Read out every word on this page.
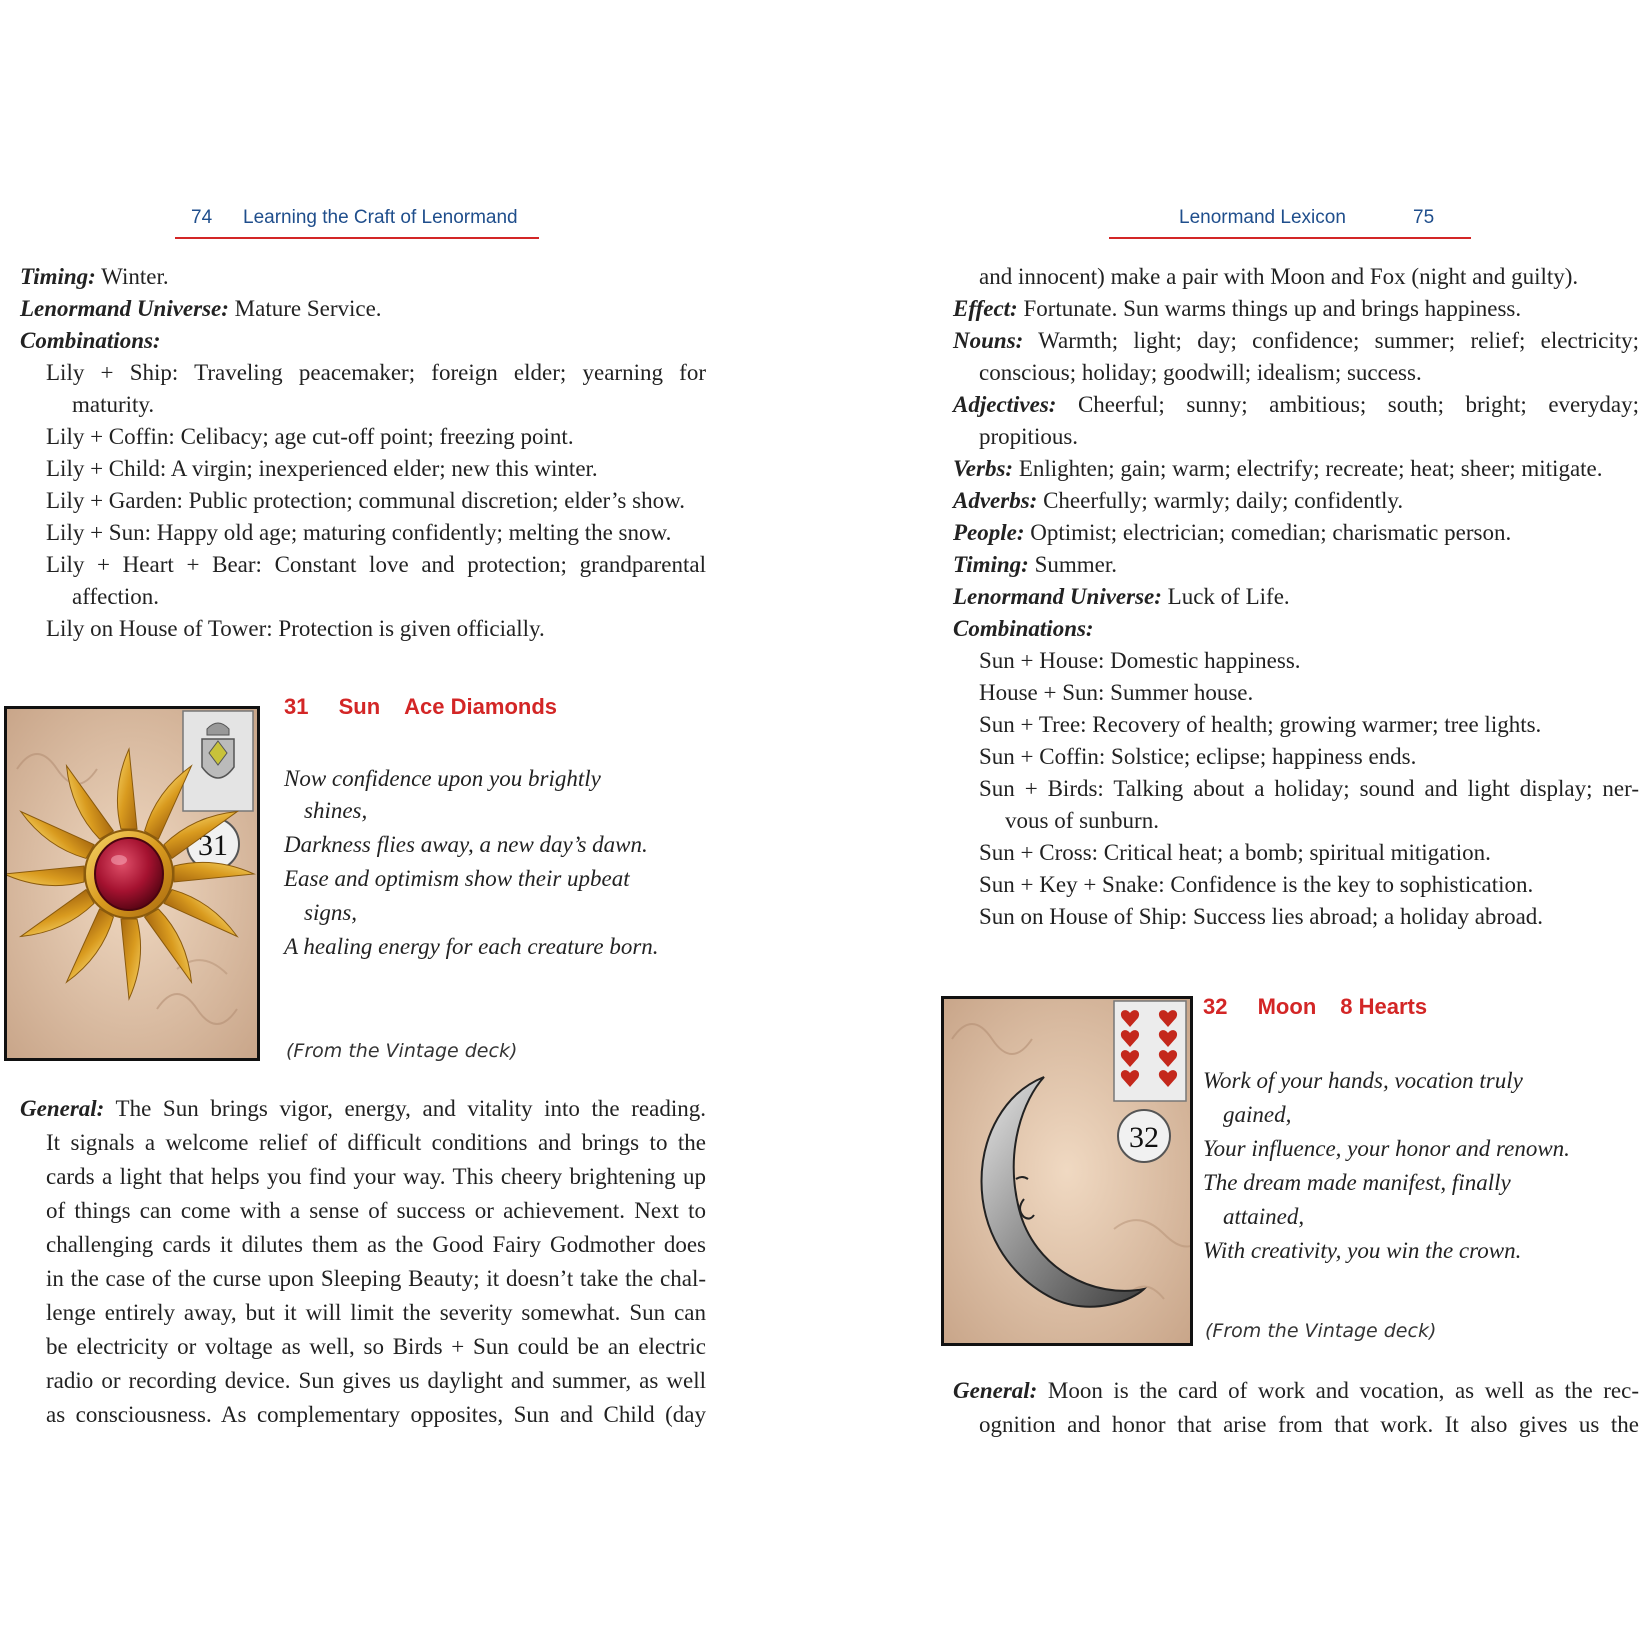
74 Learning the Craft of Lenormand
Timing: Winter.
Lenormand Universe: Mature Service.
Combinations:
Lily + Ship: Traveling peacemaker; foreign elder; yearning for
maturity.
Lily + Coffin: Celibacy; age cut-off point; freezing point.
Lily + Child: A virgin; inexperienced elder; new this winter.
Lily + Garden: Public protection; communal discretion; elder’s show.
Lily + Sun: Happy old age; maturing confidently; melting the snow.
Lily + Heart + Bear: Constant love and protection; grandparental
affection.
Lily on House of Tower: Protection is given officially.
31
31 Sun Ace Diamonds
Now confidence upon you brightly
shines,
Darkness flies away, a new day’s dawn.
Ease and optimism show their upbeat
signs,
A healing energy for each creature born.
(From the Vintage deck)
General: The Sun brings vigor, energy, and vitality into the reading.
It signals a welcome relief of difficult conditions and brings to the
cards a light that helps you find your way. This cheery brightening up
of things can come with a sense of success or achievement. Next to
challenging cards it dilutes them as the Good Fairy Godmother does
in the case of the curse upon Sleeping Beauty; it doesn’t take the chal-
lenge entirely away, but it will limit the severity somewhat. Sun can
be electricity or voltage as well, so Birds + Sun could be an electric
radio or recording device. Sun gives us daylight and summer, as well
as consciousness. As complementary opposites, Sun and Child (day
Lenormand Lexicon	75
and innocent) make a pair with Moon and Fox (night and guilty).
Effect: Fortunate. Sun warms things up and brings happiness.
Nouns: Warmth; light; day; confidence; summer; relief; electricity;
conscious; holiday; goodwill; idealism; success.
Adjectives: Cheerful; sunny; ambitious; south; bright; everyday;
propitious.
Verbs: Enlighten; gain; warm; electrify; recreate; heat; sheer; mitigate.
Adverbs: Cheerfully; warmly; daily; confidently.
People: Optimist; electrician; comedian; charismatic person.
Timing: Summer.
Lenormand Universe: Luck of Life.
Combinations:
Sun + House: Domestic happiness.
House + Sun: Summer house.
Sun + Tree: Recovery of health; growing warmer; tree lights.
Sun + Coffin: Solstice; eclipse; happiness ends.
Sun + Birds: Talking about a holiday; sound and light display; ner-
vous of sunburn.
Sun + Cross: Critical heat; a bomb; spiritual mitigation.
Sun + Key + Snake: Confidence is the key to sophistication.
Sun on House of Ship: Success lies abroad; a holiday abroad.
32
32 Moon 8 Hearts
Work of your hands, vocation truly
gained,
Your influence, your honor and renown.
The dream made manifest, finally
attained,
With creativity, you win the crown.
(From the Vintage deck)
General: Moon is the card of work and vocation, as well as the rec-
ognition and honor that arise from that work. It also gives us the
